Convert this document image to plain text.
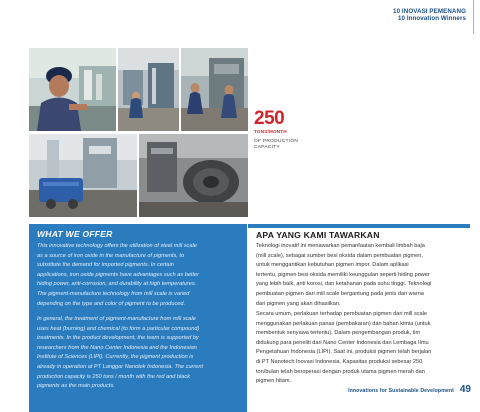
10 INOVASI PEMENANG
10 Innovation Winners
250
TONS/MONTH
OF PRODUCTION
CAPACITY
WHAT WE OFFER
This innovative technology offers the utilization of steel mill scale
as a source of iron oxide in the manufacture of pigments, to
substitute the demand for imported pigments. In certain
applications, iron oxide pigments have advantages such as better
hiding power, anti-corrosion, and durability at high temperatures.
The pigment-manufacture technology from mill scale is varied
depending on the type and color of pigment to be produced.
In general, the treatment of pigment-manufacture from mill scale
uses heat (burning) and chemical (to form a particular compound)
treatments. In the product development, the team is supported by
researchers from the Nano Center Indonesia and the Indonesian
Institute of Sciences (LIPI). Currently, the pigment production is
already in operation at PT Langgar Nanotek Indonesia. The current
production capacity is 250 tons / month with the red and black
pigments as the main products.
APA YANG KAMI TAWARKAN
Teknologi inovatif ini menawarkan pemanfaatan kembali limbah baja
(mill scale), sebagai sumber besi oksida dalam pembuatan pigmen,
untuk menggantikan kebutuhan pigmen impor. Dalam aplikasi
tertentu, pigmen besi oksida memiliki keunggulan seperti hiding power
yang lebih baik, anti korosi, dan ketahanan pada suhu tinggi. Teknologi
pembuatan pigmen dari mill scale bergantung pada jenis dan warna
dari pigmen yang akan dihasilkan.
Secara umum, perlakuan terhadap pembuatan pigmen dari mill scale
menggunakan perlakuan panas (pembakaran) dan bahan kimia (untuk
membentuk senyawa tertentu). Dalam pengembangan produk, tim
didukung para peneliti dari Nano Center Indonesia dan Lembaga Ilmu
Pengetahuan Indonesia (LIPI). Saat ini, produksi pigmen telah berjalan
di PT Nanotech Inovasi Indonesia. Kapasitas produksi sebesar 250
ton/bulan telah beroperasi dengan produk utama pigmen merah dan
pigmen hitam.
Innovations for Sustainable Development 49
